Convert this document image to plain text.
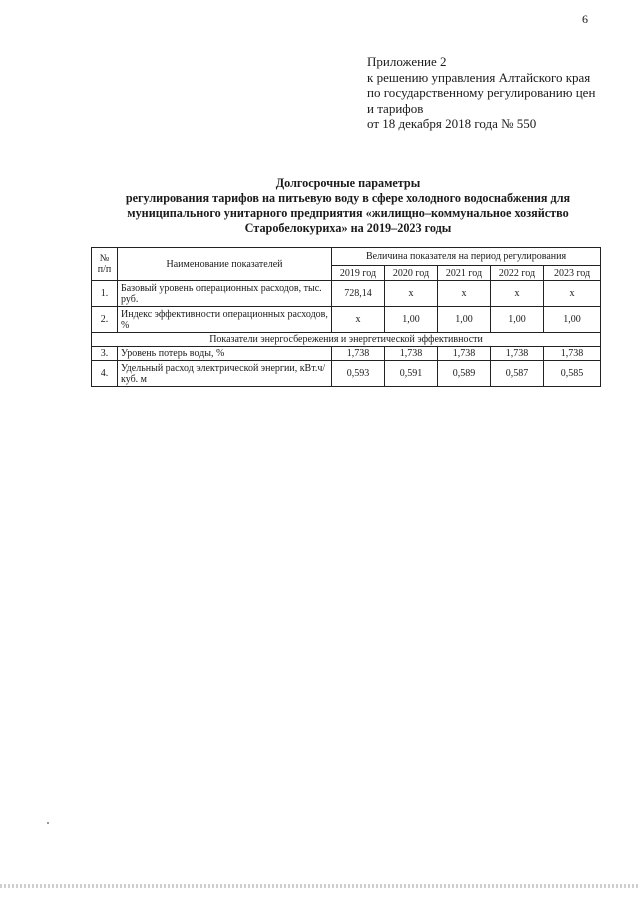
6
Приложение 2
к решению управления Алтайского края
по государственному регулированию цен
и тарифов
от 18 декабря 2018 года № 550
Долгосрочные параметры
регулирования тарифов на питьевую воду в сфере холодного водоснабжения для
муниципального унитарного предприятия «жилищно–коммунальное хозяйство
Старобелокуриха» на 2019–2023 годы
№ п/п	Наименование показателей	Величина показателя на период регулирования				
		2019 год	2020 год	2021 год	2022 год	2023 год
1.	Базовый уровень операционных расходов, тыс. руб.	728,14	х	х	х	х
2.	Индекс эффективности операционных расходов, %	х	1,00	1,00	1,00	1,00
Показатели энергосбережения и энергетической эффективности						
3.	Уровень потерь воды, %	1,738	1,738	1,738	1,738	1,738
4.	Удельный расход электрической энергии, кВт.ч/куб. м	0,593	0,591	0,589	0,587	0,585
